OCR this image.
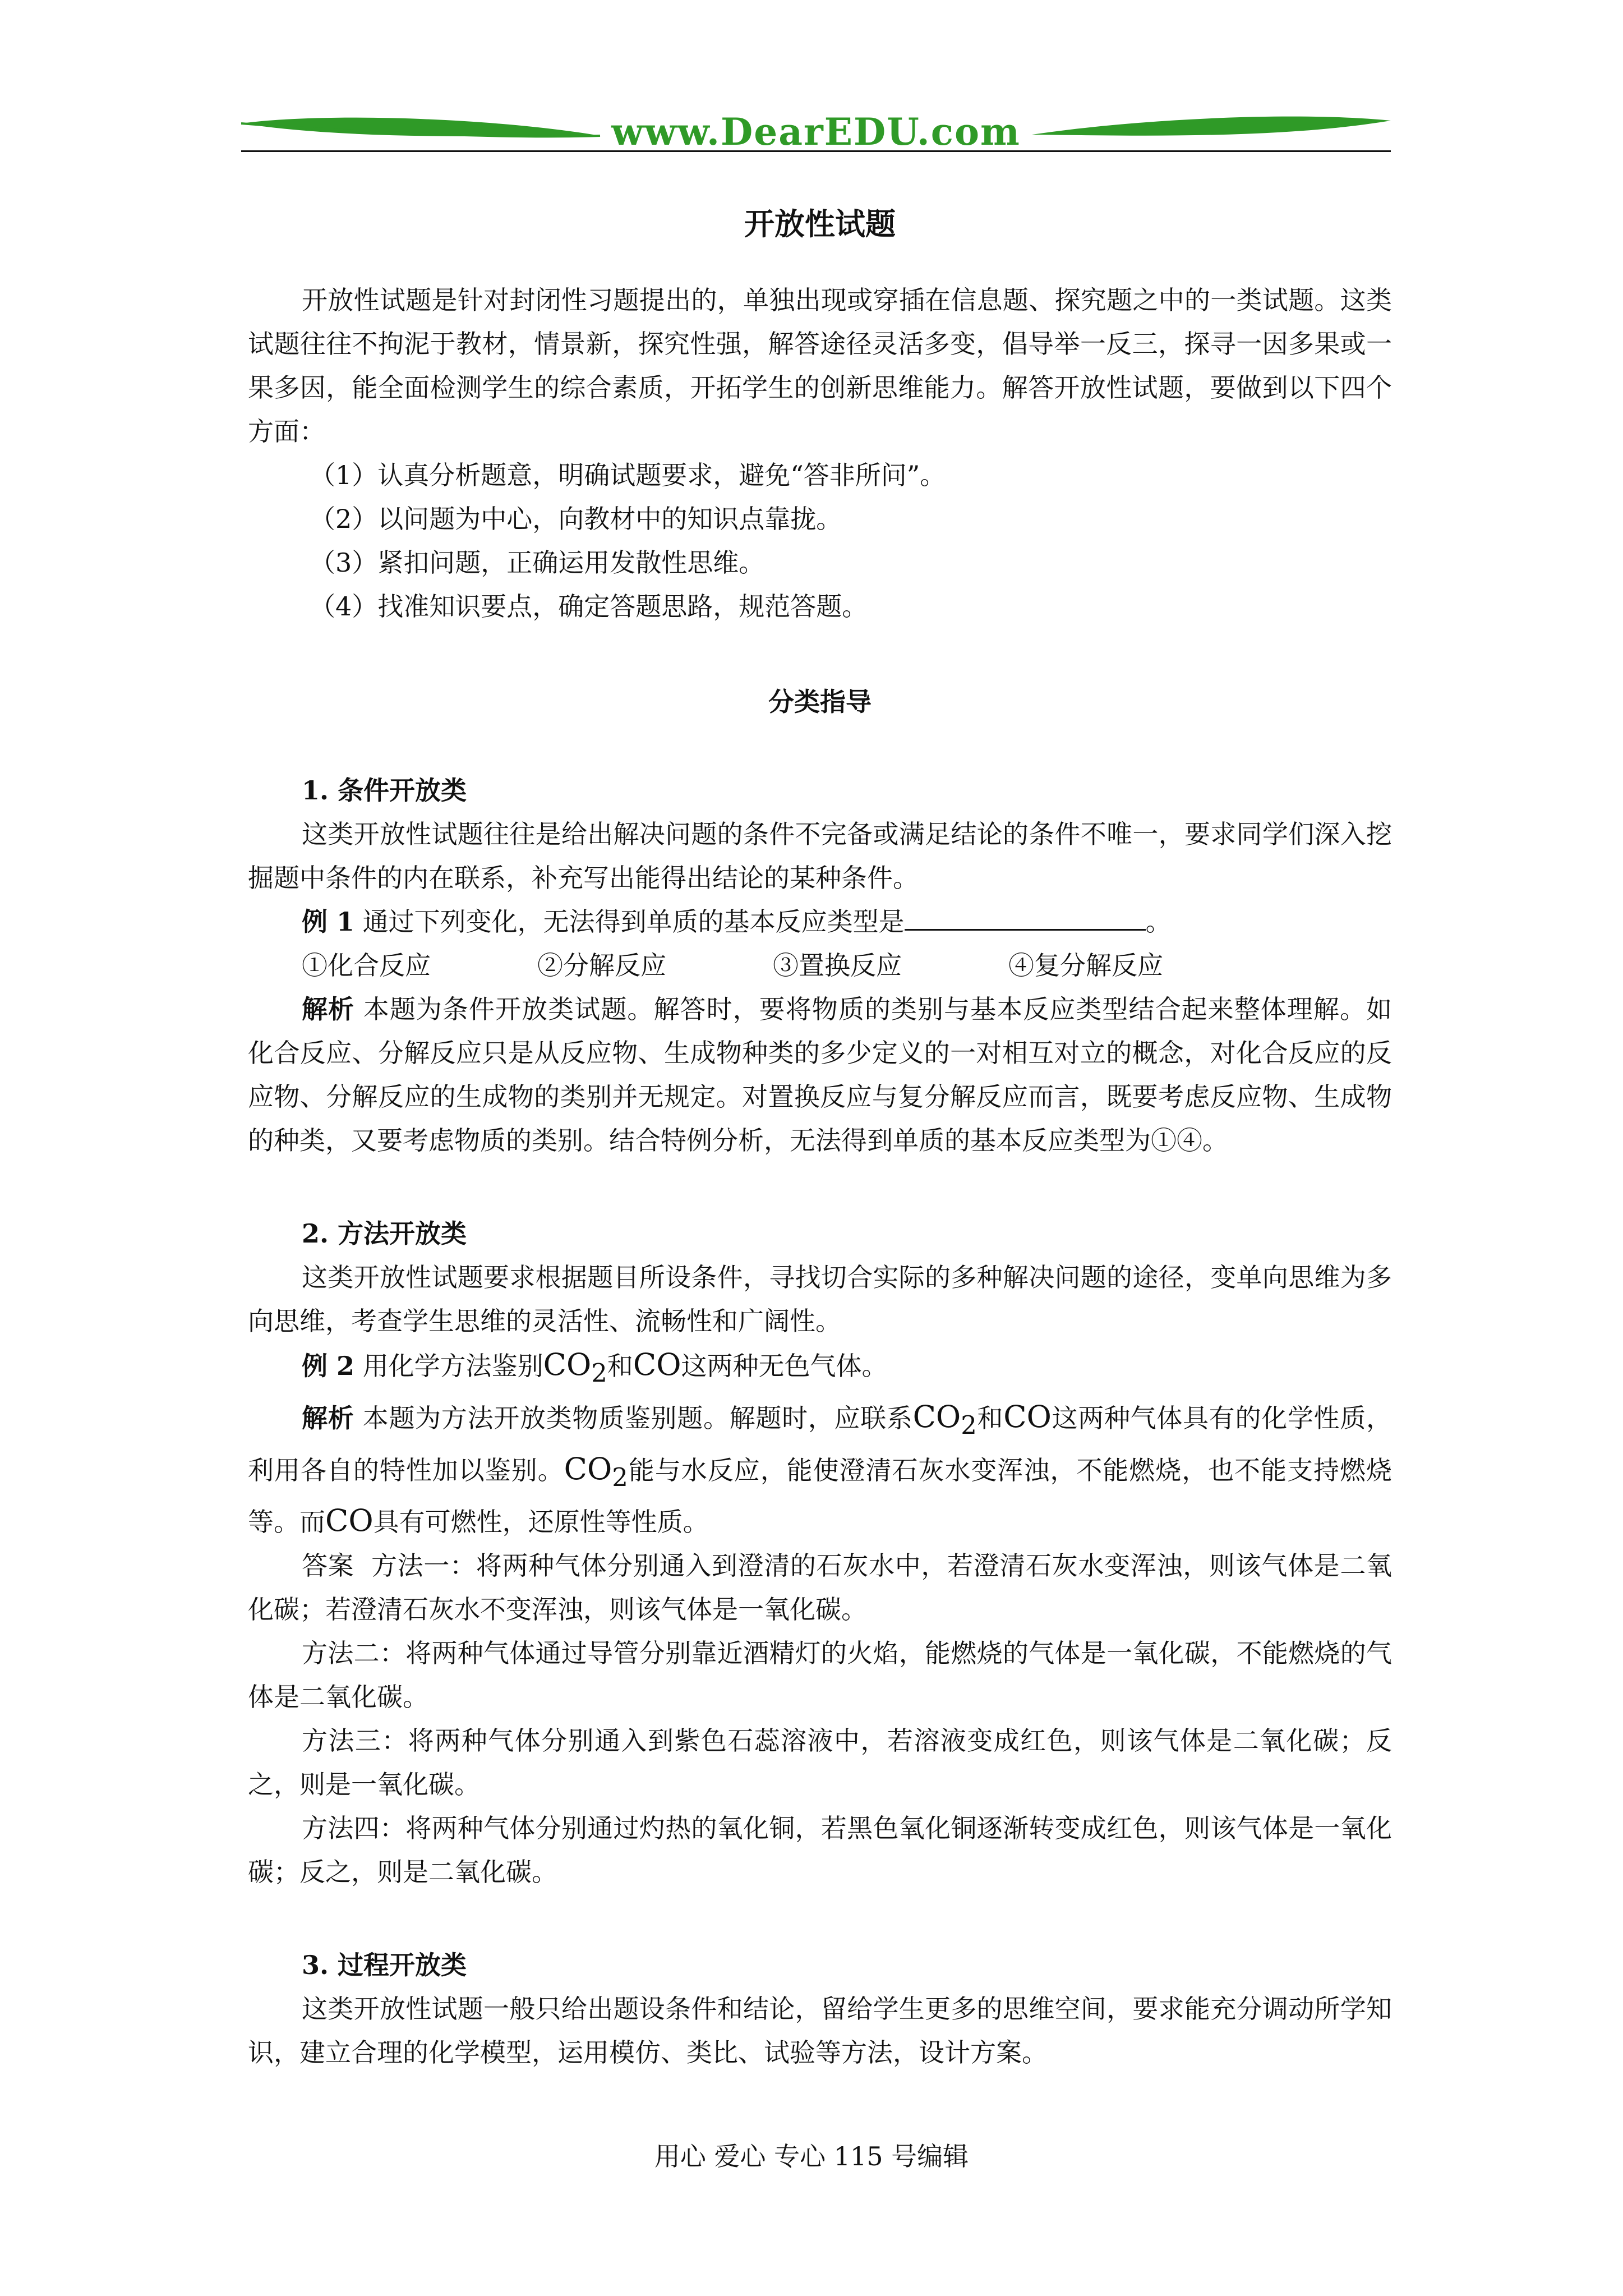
www.DearEDU.com
开放性试题

开放性试题是针对封闭性习题提出的，单独出现或穿插在信息题、探究题之中的一类试题。这类试题往往不拘泥于教材，情景新，探究性强，解答途径灵活多变，倡导举一反三，探寻一因多果或一果多因，能全面检测学生的综合素质，开拓学生的创新思维能力。解答开放性试题，要做到以下四个方面：

（1）认真分析题意，明确试题要求，避免“答非所问”。

（2）以问题为中心，向教材中的知识点靠拢。

（3）紧扣问题，正确运用发散性思维。

（4）找准知识要点，确定答题思路，规范答题。

分类指导

1. 条件开放类

这类开放性试题往往是给出解决问题的条件不完备或满足结论的条件不唯一，要求同学们深入挖掘题中条件的内在联系，补充写出能得出结论的某种条件。

例 1 通过下列变化，无法得到单质的基本反应类型是	。

①化合反应	②分解反应	③置换反应	④复分解反应

解析 本题为条件开放类试题。解答时，要将物质的类别与基本反应类型结合起来整体理解。如化合反应、分解反应只是从反应物、生成物种类的多少定义的一对相互对立的概念，对化合反应的反应物、分解反应的生成物的类别并无规定。对置换反应与复分解反应而言，既要考虑反应物、生成物的种类，又要考虑物质的类别。结合特例分析，无法得到单质的基本反应类型为①④。

2. 方法开放类

这类开放性试题要求根据题目所设条件，寻找切合实际的多种解决问题的途径，变单向思维为多向思维，考查学生思维的灵活性、流畅性和广阔性。

例 2 用化学方法鉴别$CO_2$和CO这两种无色气体。

解析 本题为方法开放类物质鉴别题。解题时，应联系$CO_2$和CO这两种气体具有的化学性质，利用各自的特性加以鉴别。$CO_2$能与水反应，能使澄清石灰水变浑浊，不能燃烧，也不能支持燃烧等。而CO具有可燃性，还原性等性质。

答案 方法一：将两种气体分别通入到澄清的石灰水中，若澄清石灰水变浑浊，则该气体是二氧化碳；若澄清石灰水不变浑浊，则该气体是一氧化碳。

方法二：将两种气体通过导管分别靠近酒精灯的火焰，能燃烧的气体是一氧化碳，不能燃烧的气体是二氧化碳。

方法三：将两种气体分别通入到紫色石蕊溶液中，若溶液变成红色，则该气体是二氧化碳；反之，则是一氧化碳。

方法四：将两种气体分别通过灼热的氧化铜，若黑色氧化铜逐渐转变成红色，则该气体是一氧化碳；反之，则是二氧化碳。

3. 过程开放类

这类开放性试题一般只给出题设条件和结论，留给学生更多的思维空间，要求能充分调动所学知识，建立合理的化学模型，运用模仿、类比、试验等方法，设计方案。

用心 爱心 专心 115 号编辑
